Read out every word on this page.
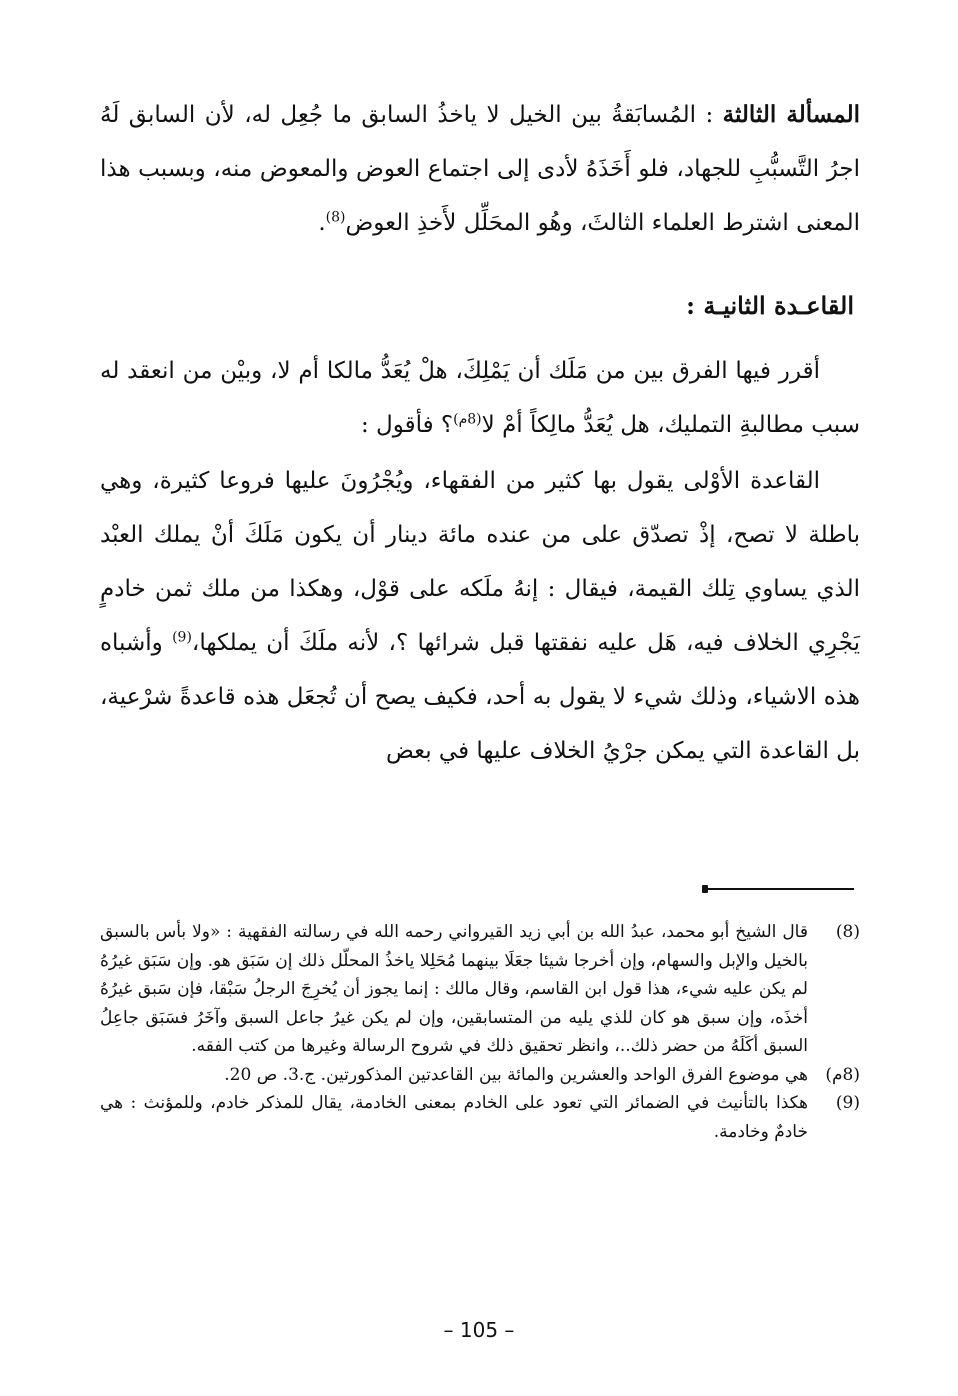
المسألة الثالثة : المُسابَقةُ بين الخيل لا ياخذُ السابق ما جُعِل له، لأن السابق لَهُ اجرُ التَّسبُّبِ للجهاد، فلو أَخَذَهُ لأدى إلى اجتماع العوض والمعوض منه، وبسبب هذا المعنى اشترط العلماء الثالثَ، وهُو المحَلِّل لأَخذِ العوض$^{(8)}$.
القاعـدة الثانيـة :
أقرر فيها الفرق بين من مَلَك أن يَمْلِكَ، هلْ يُعَدُّ مالكا أم لا، وبيْن من انعقد له سبب مطالبةِ التمليك، هل يُعَدُّ مالِكاً أمْ لا$^{(8م)}$؟ فأقول :
القاعدة الأوْلى يقول بها كثير من الفقهاء، ويُجْرُونَ عليها فروعا كثيرة، وهي باطلة لا تصح، إذْ تصدّق على من عنده مائة دينار أن يكون مَلَكَ أنْ يملك العبْد الذي يساوي تِلك القيمة، فيقال : إنهُ ملَكه على قوْل، وهكذا من ملك ثمن خادمٍ يَجْرِي الخلاف فيه، هَل عليه نفقتها قبل شرائها ؟، لأنه ملَكَ أن يملكها،$^{(9)}$ وأشباه هذه الاشياء، وذلك شيء لا يقول به أحد، فكيف يصح أن تُجعَل هذه قاعدةً شرْعية، بل القاعدة التي يمكن جرْيُ الخلاف عليها في بعض
(8)
قال الشيخ أبو محمد، عبدُ الله بن أبي زيد القيرواني رحمه الله في رسالته الفقهية : «ولا بأس بالسبق بالخيل والإبل والسهام، وإن أخرجا شيئا جعَلَا بينهما مُحَلِلا ياخذُ المحلّل ذلك إن سَبَق هو. وإن سَبَق غيرُهُ لم يكن عليه شيء، هذا قول ابن القاسم، وقال مالك : إنما يجوز أن يُخرِجَ الرجلُ سَبْقا، فإن سَبق غيرُهُ أخذَه، وإن سبق هو كان للذي يليه من المتسابقين، وإن لم يكن غيرُ جاعل السبق وآخَرُ فسَبَق جاعِلُ السبق أكَلَهُ من حضر ذلك..، وانظر تحقيق ذلك في شروح الرسالة وغيرها من كتب الفقه.
(8م)
هي موضوع الفرق الواحد والعشرين والمائة بين القاعدتين المذكورتين. ج.3. ص 20.
(9)
هكذا بالتأنيث في الضمائر التي تعود على الخادم بمعنى الخادمة، يقال للمذكر خادم، وللمؤنث : هي خادمٌ وخادمة.
– 105 –
